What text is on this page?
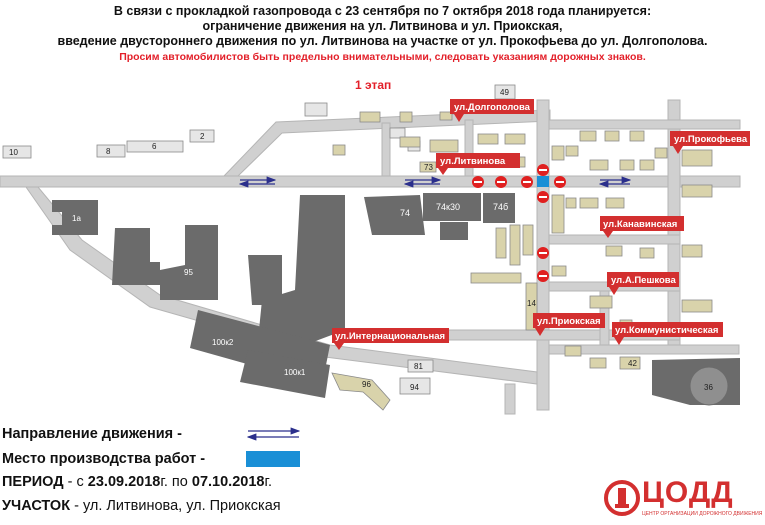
В связи с прокладкой газопровода с 23 сентября по 7 октября 2018 года планируется:
ограничение движения на ул. Литвинова и ул. Приокская,
введение двустороннего движения по ул. Литвинова на участке от ул. Прокофьева до ул. Долгополова.
Просим автомобилистов быть предельно внимательными, следовать указаниям дорожных знаков.
10	8
6
2
1а
95
100к2
100к1
96	94
81
74
74к30	74б
49
14
42
36
73
1 этап
ул.Долгополова
ул.Литвинова
ул.Прокофьева
ул.Канавинская
ул.А.Пешкова
ул.Приокская
ул.Коммунистическая
ул.Интернациональная
Направление движения -
Место производства работ -
ПЕРИОД - с 23.09.2018г. по 07.10.2018г.
УЧАСТОК - ул. Литвинова, ул. Приокская	ЦОДД
ЦЕНТР ОРГАНИЗАЦИИ ДОРОЖНОГО ДВИЖЕНИЯ
